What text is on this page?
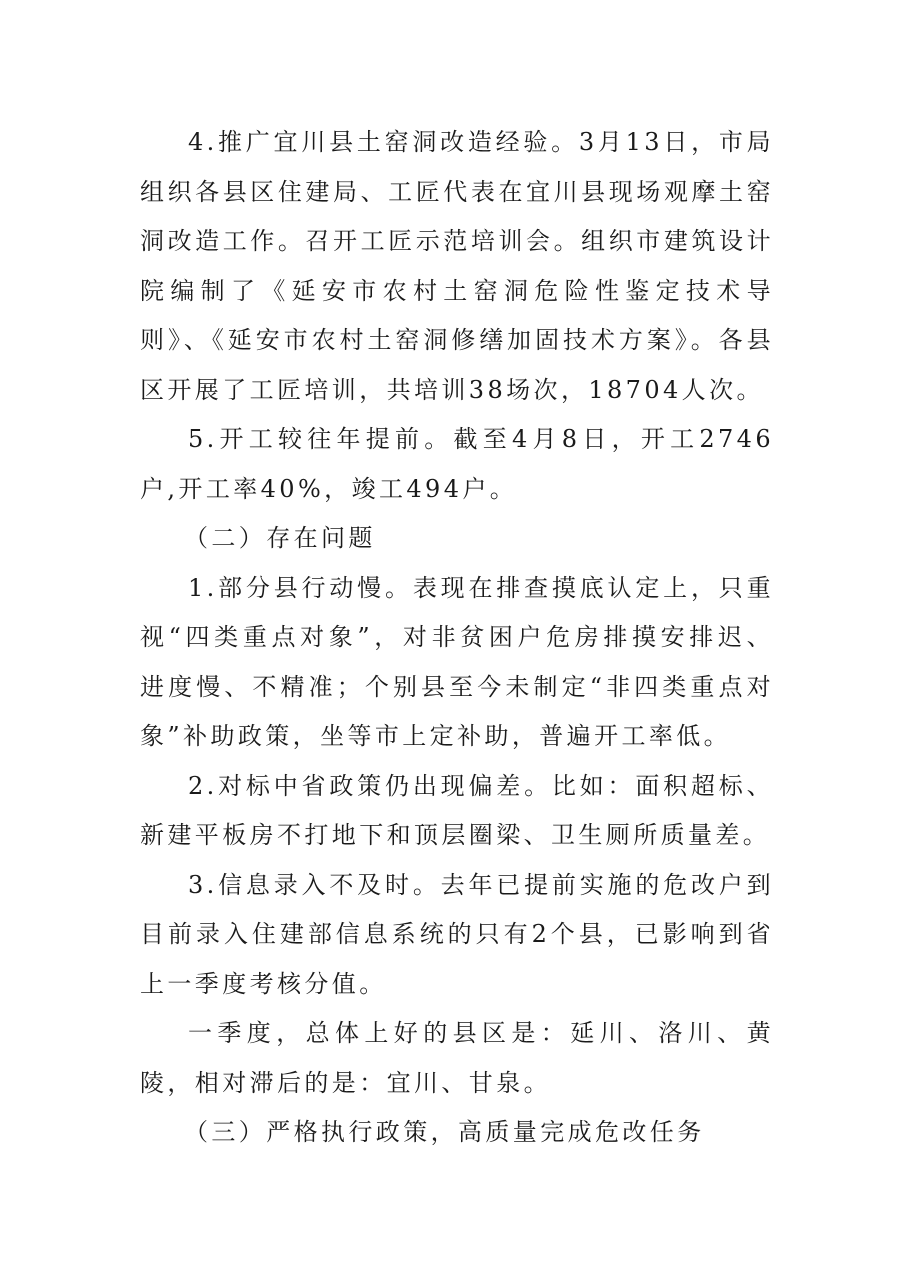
4.推广宜川县土窑洞改造经验。3月13日，市局组织各县区住建局、工匠代表在宜川县现场观摩土窑洞改造工作。召开工匠示范培训会。组织市建筑设计院编制了《延安市农村土窑洞危险性鉴定技术导则》、《延安市农村土窑洞修缮加固技术方案》。各县区开展了工匠培训，共培训38场次，18704人次。

5.开工较往年提前。截至4月8日，开工2746户,开工率40%，竣工494户。

（二）存在问题

1.部分县行动慢。表现在排查摸底认定上，只重视“四类重点对象”，对非贫困户危房排摸安排迟、进度慢、不精准；个别县至今未制定“非四类重点对象”补助政策，坐等市上定补助，普遍开工率低。

2.对标中省政策仍出现偏差。比如：面积超标、新建平板房不打地下和顶层圈梁、卫生厕所质量差。

3.信息录入不及时。去年已提前实施的危改户到目前录入住建部信息系统的只有2个县，已影响到省上一季度考核分值。

一季度，总体上好的县区是：延川、洛川、黄陵，相对滞后的是：宜川、甘泉。

（三）严格执行政策，高质量完成危改任务
